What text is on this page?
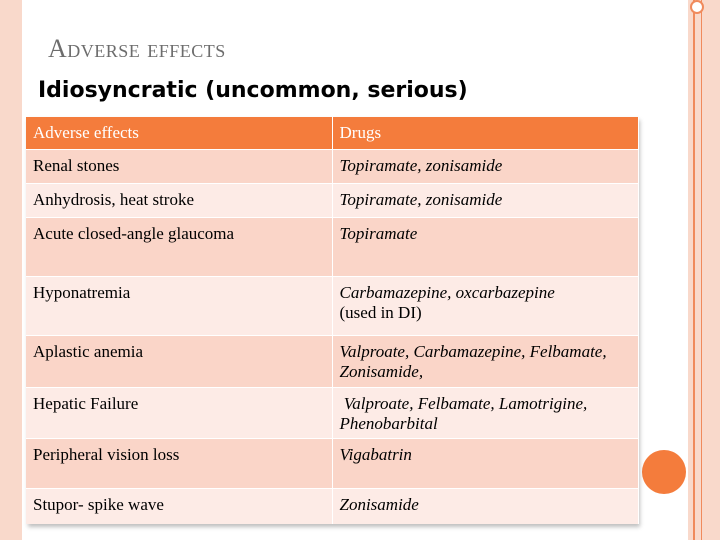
Adverse effects
Idiosyncratic (uncommon, serious)
Adverse effects	Drugs
Renal stones	Topiramate, zonisamide
Anhydrosis, heat stroke	Topiramate, zonisamide
Acute closed-angle glaucoma	Topiramate
Hyponatremia	Carbamazepine, oxcarbazepine
(used in DI)

Aplastic anemia	Valproate, Carbamazepine, Felbamate, Zonisamide,
Hepatic Failure	Valproate, Felbamate, Lamotrigine, Phenobarbital
Peripheral vision loss	Vigabatrin
Stupor- spike wave	Zonisamide
